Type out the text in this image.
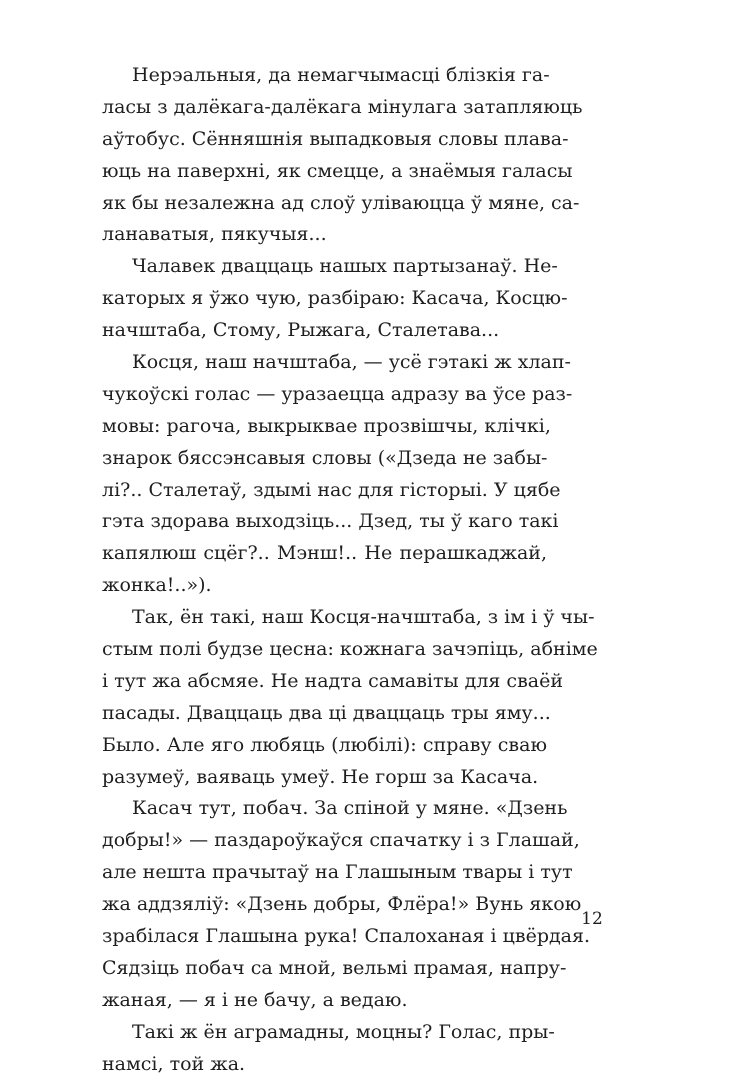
Нерэальныя, да немагчымасці блізкія га-
ласы з далёкага-далёкага мінулага затапляюць
аўтобус. Сённяшнія выпадковыя словы плава-
юць на паверхні, як смецце, а знаёмыя галасы
як бы незалежна ад слоў уліваюцца ў мяне, са-
ланаватыя, пякучыя...
Чалавек дваццаць нашых партызанаў. Не-
каторых я ўжо чую, разбіраю: Касача, Косцю-
начштаба, Стому, Рыжага, Сталетава...
Косця, наш начштаба, — усё гэтакі ж хлап-
чукоўскі голас — уразаецца адразу ва ўсе раз-
мовы: рагоча, выкрыквае прозвішчы, клічкі,
знарок бяссэнсавыя словы («Дзеда не забы-
лі?.. Сталетаў, здымі нас для гісторыі. У цябе
гэта здорава выходзіць... Дзед, ты ў каго такі
капялюш сцёг?.. Мэнш!.. Не перашкаджай,
жонка!..»).
Так, ён такі, наш Косця-начштаба, з ім і ў чы-
стым полі будзе цесна: кожнага зачэпіць, абніме
і тут жа абсмяе. Не надта самавіты для сваёй
пасады. Дваццаць два ці дваццаць тры яму...
Было. Але яго любяць (любілі): справу сваю
разумеў, ваяваць умеў. Не горш за Касача.
Касач тут, побач. За спіной у мяне. «Дзень
добры!» — паздароўкаўся спачатку і з Глашай,
але нешта прачытаў на Глашыным твары і тут
жа аддзяліў: «Дзень добры, Флёра!» Вунь якою
зрабілася Глашына рука! Спалоханая і цвёрдая.
Сядзіць побач са мной, вельмі прамая, напру-
жаная, — я і не бачу, а ведаю.
Такі ж ён аграмадны, моцны? Голас, пры-
намсі, той жа.
12
